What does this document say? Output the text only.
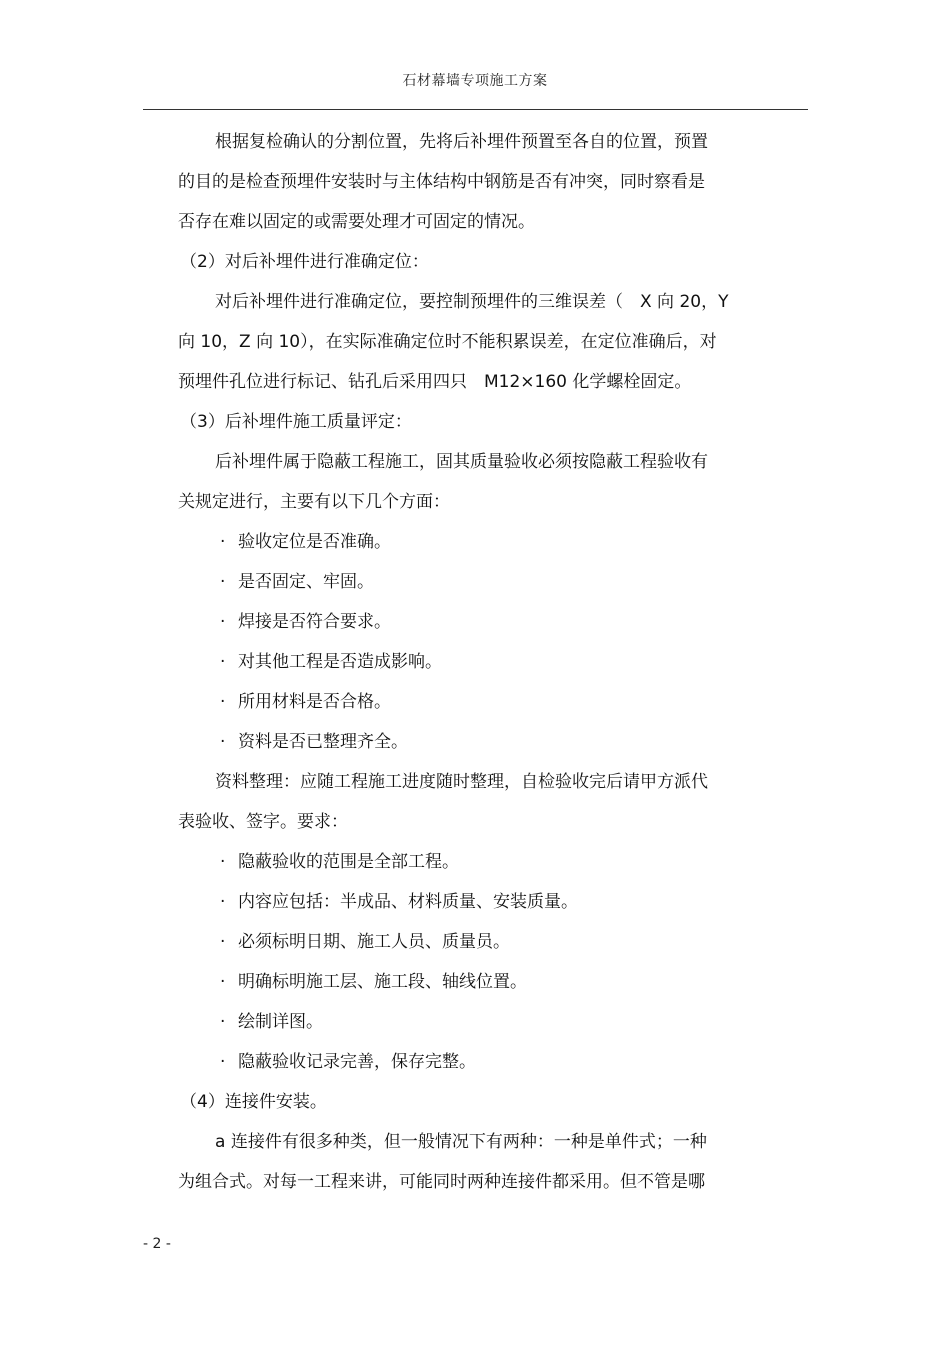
石材幕墙专项施工方案
根据复检确认的分割位置，先将后补埋件预置至各自的位置，预置
的目的是检查预埋件安装时与主体结构中钢筋是否有冲突，同时察看是
否存在难以固定的或需要处理才可固定的情况。
（2）对后补埋件进行准确定位：
对后补埋件进行准确定位，要控制预埋件的三维误差（　X 向 20，Y
向 10，Z 向 10），在实际准确定位时不能积累误差，在定位准确后，对
预埋件孔位进行标记、钻孔后采用四只　M12×160 化学螺栓固定。
（3）后补埋件施工质量评定：
后补埋件属于隐蔽工程施工，固其质量验收必须按隐蔽工程验收有
关规定进行，主要有以下几个方面：
· 验收定位是否准确。
· 是否固定、牢固。
· 焊接是否符合要求。
· 对其他工程是否造成影响。
· 所用材料是否合格。
· 资料是否已整理齐全。
资料整理：应随工程施工进度随时整理，自检验收完后请甲方派代
表验收、签字。要求：
· 隐蔽验收的范围是全部工程。
· 内容应包括：半成品、材料质量、安装质量。
· 必须标明日期、施工人员、质量员。
· 明确标明施工层、施工段、轴线位置。
· 绘制详图。
· 隐蔽验收记录完善，保存完整。
（4）连接件安装。
a 连接件有很多种类，但一般情况下有两种：一种是单件式；一种
为组合式。对每一工程来讲，可能同时两种连接件都采用。但不管是哪
- 2 -
